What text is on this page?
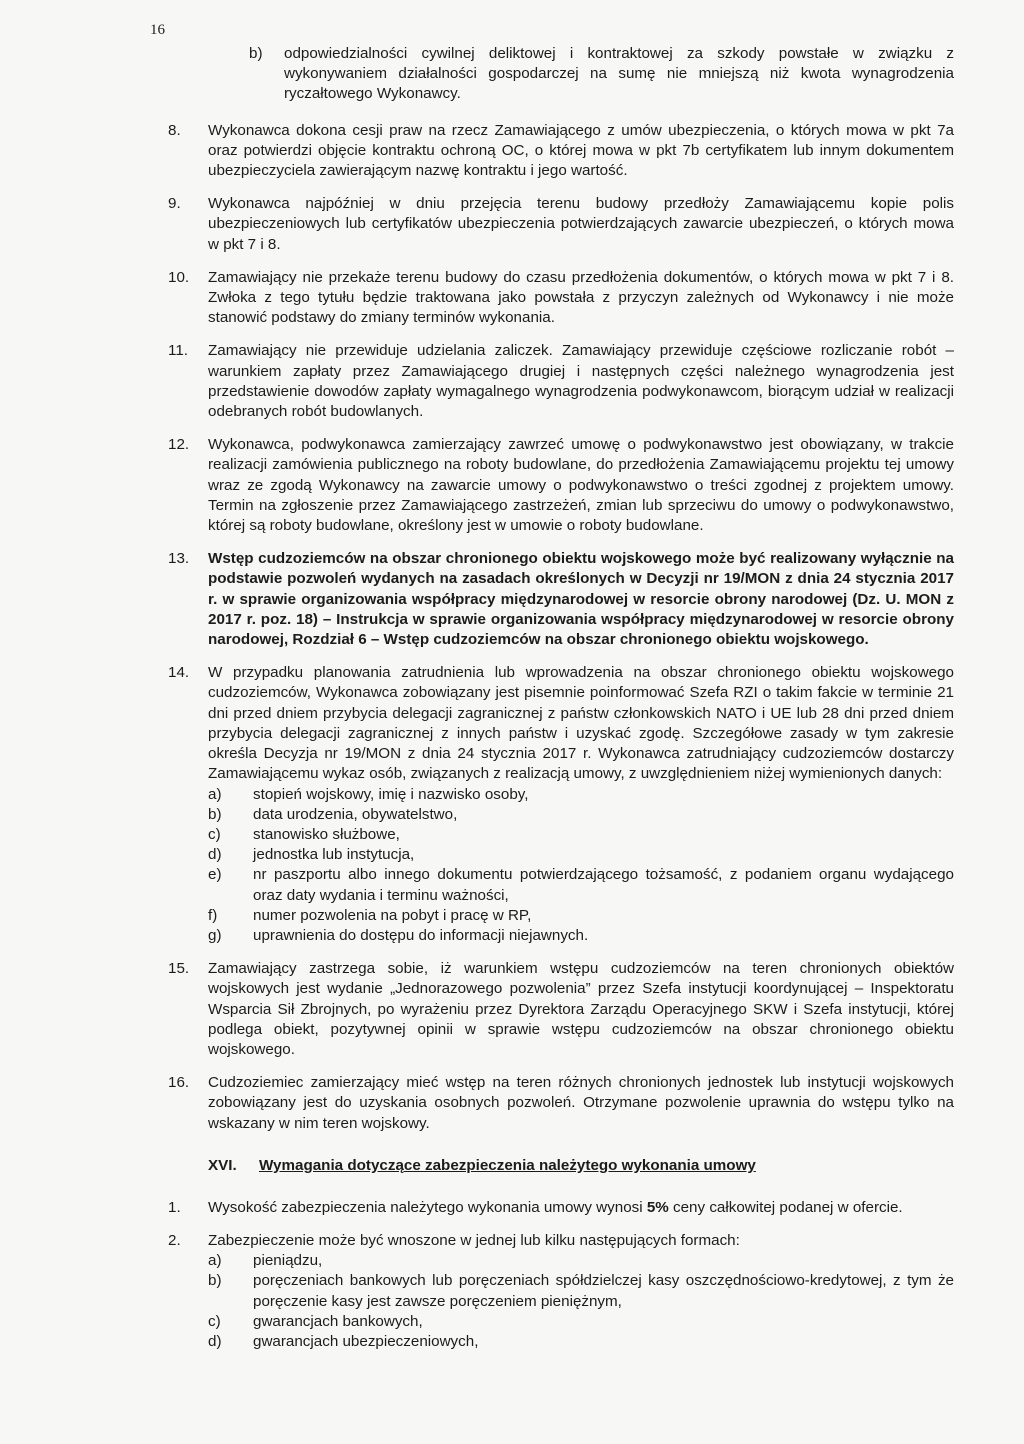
16
b) odpowiedzialności cywilnej deliktowej i kontraktowej za szkody powstałe w związku z wykonywaniem działalności gospodarczej na sumę nie mniejszą niż kwota wynagrodzenia ryczałtowego Wykonawcy.
8. Wykonawca dokona cesji praw na rzecz Zamawiającego z umów ubezpieczenia, o których mowa w pkt 7a oraz potwierdzi objęcie kontraktu ochroną OC, o której mowa w pkt 7b certyfikatem lub innym dokumentem ubezpieczyciela zawierającym nazwę kontraktu i jego wartość.
9. Wykonawca najpóźniej w dniu przejęcia terenu budowy przedłoży Zamawiającemu kopie polis ubezpieczeniowych lub certyfikatów ubezpieczenia potwierdzających zawarcie ubezpieczeń, o których mowa w pkt 7 i 8.
10. Zamawiający nie przekaże terenu budowy do czasu przedłożenia dokumentów, o których mowa w pkt 7 i 8. Zwłoka z tego tytułu będzie traktowana jako powstała z przyczyn zależnych od Wykonawcy i nie może stanowić podstawy do zmiany terminów wykonania.
11. Zamawiający nie przewiduje udzielania zaliczek. Zamawiający przewiduje częściowe rozliczanie robót – warunkiem zapłaty przez Zamawiającego drugiej i następnych części należnego wynagrodzenia jest przedstawienie dowodów zapłaty wymagalnego wynagrodzenia podwykonawcom, biorącym udział w realizacji odebranych robót budowlanych.
12. Wykonawca, podwykonawca zamierzający zawrzeć umowę o podwykonawstwo jest obowiązany, w trakcie realizacji zamówienia publicznego na roboty budowlane, do przedłożenia Zamawiającemu projektu tej umowy wraz ze zgodą Wykonawcy na zawarcie umowy o podwykonawstwo o treści zgodnej z projektem umowy. Termin na zgłoszenie przez Zamawiającego zastrzeżeń, zmian lub sprzeciwu do umowy o podwykonawstwo, której są roboty budowlane, określony jest w umowie o roboty budowlane.
13. Wstęp cudzoziemców na obszar chronionego obiektu wojskowego może być realizowany wyłącznie na podstawie pozwoleń wydanych na zasadach określonych w Decyzji nr 19/MON z dnia 24 stycznia 2017 r. w sprawie organizowania współpracy międzynarodowej w resorcie obrony narodowej (Dz. U. MON z 2017 r. poz. 18) – Instrukcja w sprawie organizowania współpracy międzynarodowej w resorcie obrony narodowej, Rozdział 6 – Wstęp cudzoziemców na obszar chronionego obiektu wojskowego.
14. W przypadku planowania zatrudnienia lub wprowadzenia na obszar chronionego obiektu wojskowego cudzoziemców, Wykonawca zobowiązany jest pisemnie poinformować Szefa RZI o takim fakcie w terminie 21 dni przed dniem przybycia delegacji zagranicznej z państw członkowskich NATO i UE lub 28 dni przed dniem przybycia delegacji zagranicznej z innych państw i uzyskać zgodę. Szczegółowe zasady w tym zakresie określa Decyzja nr 19/MON z dnia 24 stycznia 2017 r. Wykonawca zatrudniający cudzoziemców dostarczy Zamawiającemu wykaz osób, związanych z realizacją umowy, z uwzględnieniem niżej wymienionych danych:
a) stopień wojskowy, imię i nazwisko osoby,
b) data urodzenia, obywatelstwo,
c) stanowisko służbowe,
d) jednostka lub instytucja,
e) nr paszportu albo innego dokumentu potwierdzającego tożsamość, z podaniem organu wydającego oraz daty wydania i terminu ważności,
f) numer pozwolenia na pobyt i pracę w RP,
g) uprawnienia do dostępu do informacji niejawnych.
15. Zamawiający zastrzega sobie, iż warunkiem wstępu cudzoziemców na teren chronionych obiektów wojskowych jest wydanie „Jednorazowego pozwolenia” przez Szefa instytucji koordynującej – Inspektoratu Wsparcia Sił Zbrojnych, po wyrażeniu przez Dyrektora Zarządu Operacyjnego SKW i Szefa instytucji, której podlega obiekt, pozytywnej opinii w sprawie wstępu cudzoziemców na obszar chronionego obiektu wojskowego.
16. Cudzoziemiec zamierzający mieć wstęp na teren różnych chronionych jednostek lub instytucji wojskowych zobowiązany jest do uzyskania osobnych pozwoleń. Otrzymane pozwolenie uprawnia do wstępu tylko na wskazany w nim teren wojskowy.
XVI. Wymagania dotyczące zabezpieczenia należytego wykonania umowy
1. Wysokość zabezpieczenia należytego wykonania umowy wynosi 5% ceny całkowitej podanej w ofercie.
2. Zabezpieczenie może być wnoszone w jednej lub kilku następujących formach:
a) pieniądzu,
b) poręczeniach bankowych lub poręczeniach spółdzielczej kasy oszczędnościowo-kredytowej, z tym że poręczenie kasy jest zawsze poręczeniem pieniężnym,
c) gwarancjach bankowych,
d) gwarancjach ubezpieczeniowych,
